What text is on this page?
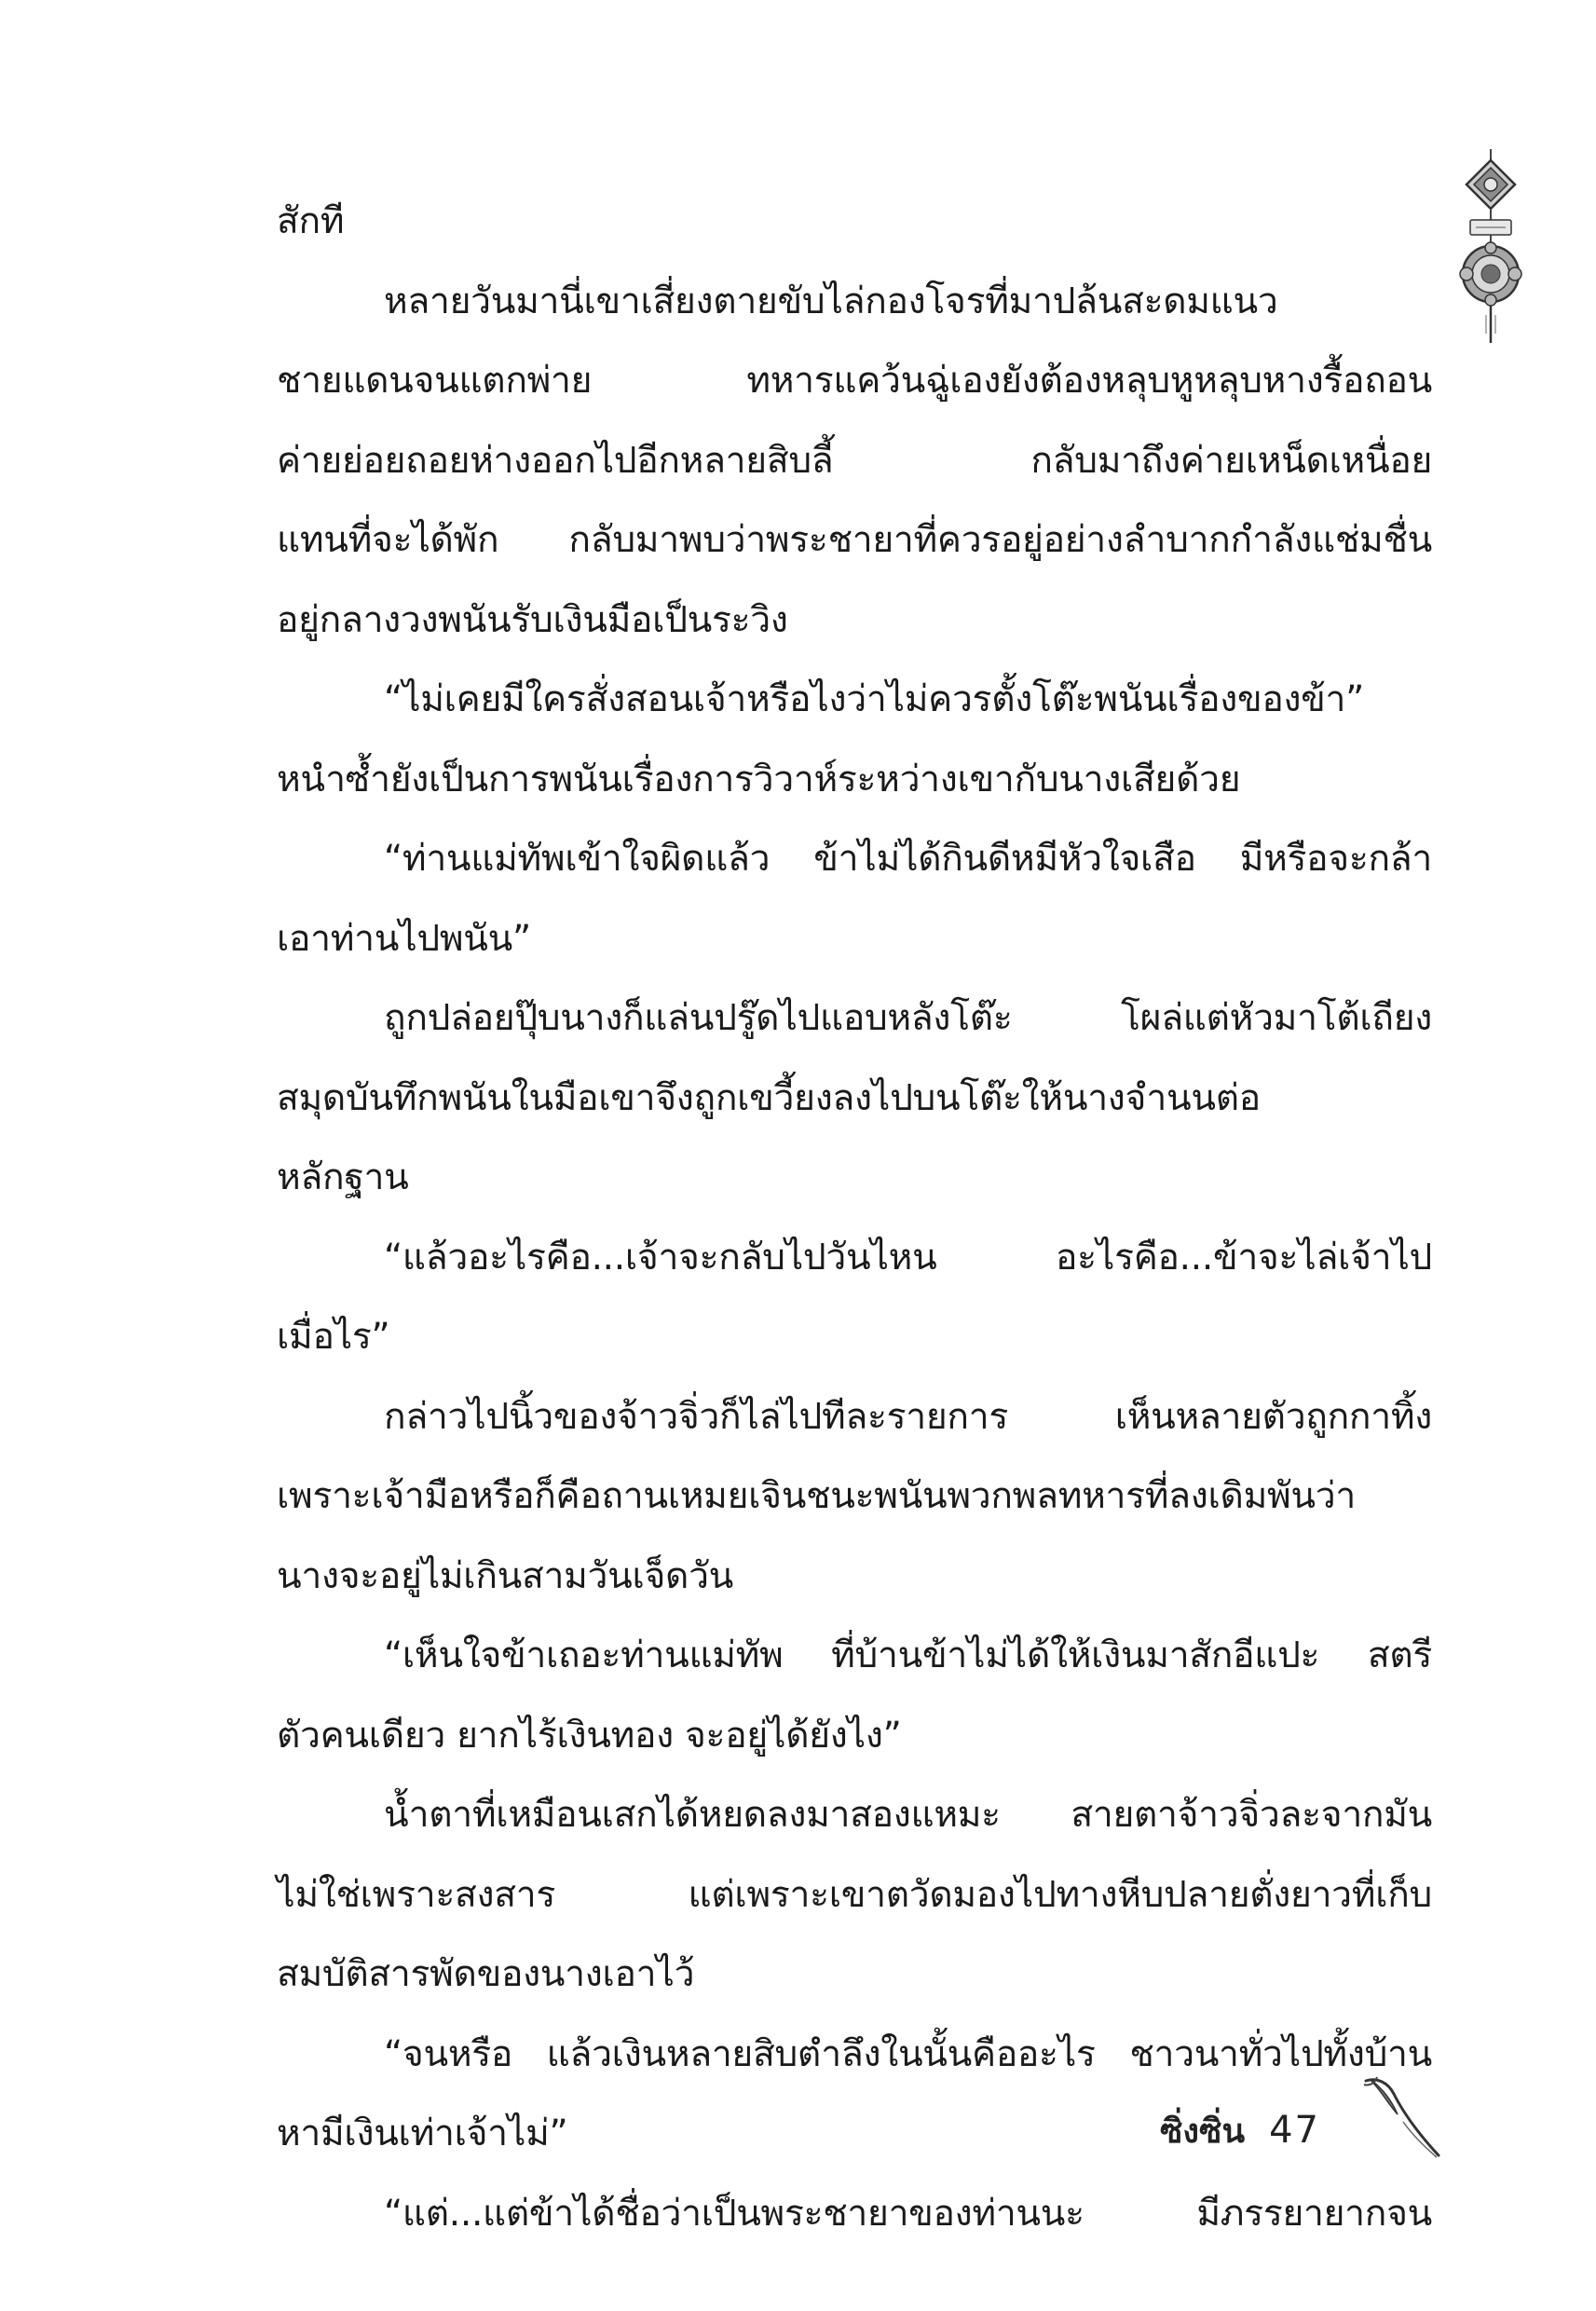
สักที
หลายวันมานี่เขาเสี่ยงตายขับไล่กองโจรที่มาปล้นสะดมแนว
ชายแดนจนแตกพ่าย ทหารแคว้นฉู่เองยังต้องหลุบหูหลุบหางรื้อถอน
ค่ายย่อยถอยห่างออกไปอีกหลายสิบลี้ กลับมาถึงค่ายเหน็ดเหนื่อย
แทนที่จะได้พัก กลับมาพบว่าพระชายาที่ควรอยู่อย่างลำบากกำลังแช่มชื่น
อยู่กลางวงพนันรับเงินมือเป็นระวิง
“ไม่เคยมีใครสั่งสอนเจ้าหรือไงว่าไม่ควรตั้งโต๊ะพนันเรื่องของข้า”
หนำซ้ำยังเป็นการพนันเรื่องการวิวาห์ระหว่างเขากับนางเสียด้วย
“ท่านแม่ทัพเข้าใจผิดแล้ว ข้าไม่ได้กินดีหมีหัวใจเสือ มีหรือจะกล้า
เอาท่านไปพนัน”
ถูกปล่อยปุ๊บนางก็แล่นปรู๊ดไปแอบหลังโต๊ะ โผล่แต่หัวมาโต้เถียง
สมุดบันทึกพนันในมือเขาจึงถูกเขวี้ยงลงไปบนโต๊ะให้นางจำนนต่อ
หลักฐาน
“แล้วอะไรคือ...เจ้าจะกลับไปวันไหน อะไรคือ...ข้าจะไล่เจ้าไป
เมื่อไร”
กล่าวไปนิ้วของจ้าวจิ่วก็ไล่ไปทีละรายการ เห็นหลายตัวถูกกาทิ้ง
เพราะเจ้ามือหรือก็คือถานเหมยเจินชนะพนันพวกพลทหารที่ลงเดิมพันว่า
นางจะอยู่ไม่เกินสามวันเจ็ดวัน
“เห็นใจข้าเถอะท่านแม่ทัพ ที่บ้านข้าไม่ได้ให้เงินมาสักอีแปะ สตรี
ตัวคนเดียว ยากไร้เงินทอง จะอยู่ได้ยังไง”
น้ำตาที่เหมือนเสกได้หยดลงมาสองแหมะ สายตาจ้าวจิ่วละจากมัน
ไม่ใช่เพราะสงสาร แต่เพราะเขาตวัดมองไปทางหีบปลายตั่งยาวที่เก็บ
สมบัติสารพัดของนางเอาไว้
“จนหรือ แล้วเงินหลายสิบตำลึงในนั้นคืออะไร ชาวนาทั่วไปทั้งบ้าน
หามีเงินเท่าเจ้าไม่”
“แต่...แต่ข้าได้ชื่อว่าเป็นพระชายาของท่านนะ มีภรรยายากจน
ซิ่งซิ่น 47
